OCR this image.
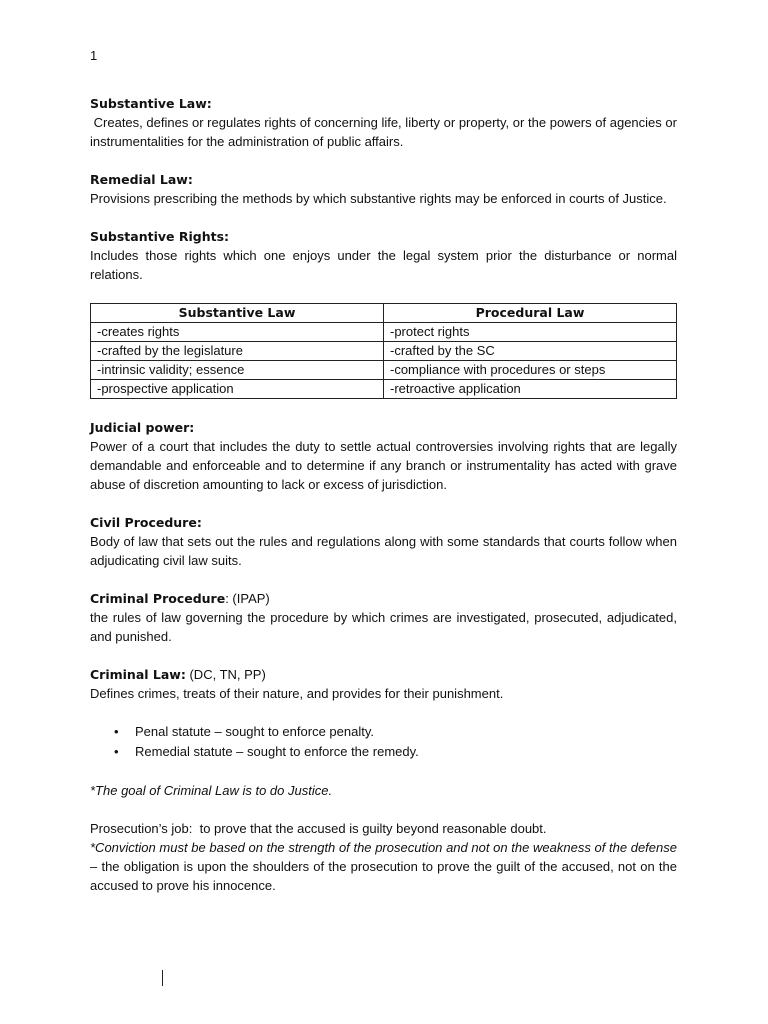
1
Substantive Law:

Creates, defines or regulates rights of concerning life, liberty or property, or the powers of agencies or instrumentalities for the administration of public affairs.

Remedial Law:

Provisions prescribing the methods by which substantive rights may be enforced in courts of Justice.

Substantive Rights:

Includes those rights which one enjoys under the legal system prior the disturbance or normal relations.

Substantive Law	Procedural Law
-creates rights	-protect rights
-crafted by the legislature	-crafted by the SC
-intrinsic validity; essence	-compliance with procedures or steps
-prospective application	-retroactive application
Judicial power:

Power of a court that includes the duty to settle actual controversies involving rights that are legally demandable and enforceable and to determine if any branch or instrumentality has acted with grave abuse of discretion amounting to lack or excess of jurisdiction.

Civil Procedure:

Body of law that sets out the rules and regulations along with some standards that courts follow when adjudicating civil law suits.

Criminal Procedure: (IPAP)

the rules of law governing the procedure by which crimes are investigated, prosecuted, adjudicated, and punished.

Criminal Law: (DC, TN, PP)

Defines crimes, treats of their nature, and provides for their punishment.

• Penal statute – sought to enforce penalty.
• Remedial statute – sought to enforce the remedy.
*The goal of Criminal Law is to do Justice.
Prosecution’s job:  to prove that the accused is guilty beyond reasonable doubt.

*Conviction must be based on the strength of the prosecution and not on the weakness of the defense – the obligation is upon the shoulders of the prosecution to prove the guilt of the accused, not on the accused to prove his innocence.
